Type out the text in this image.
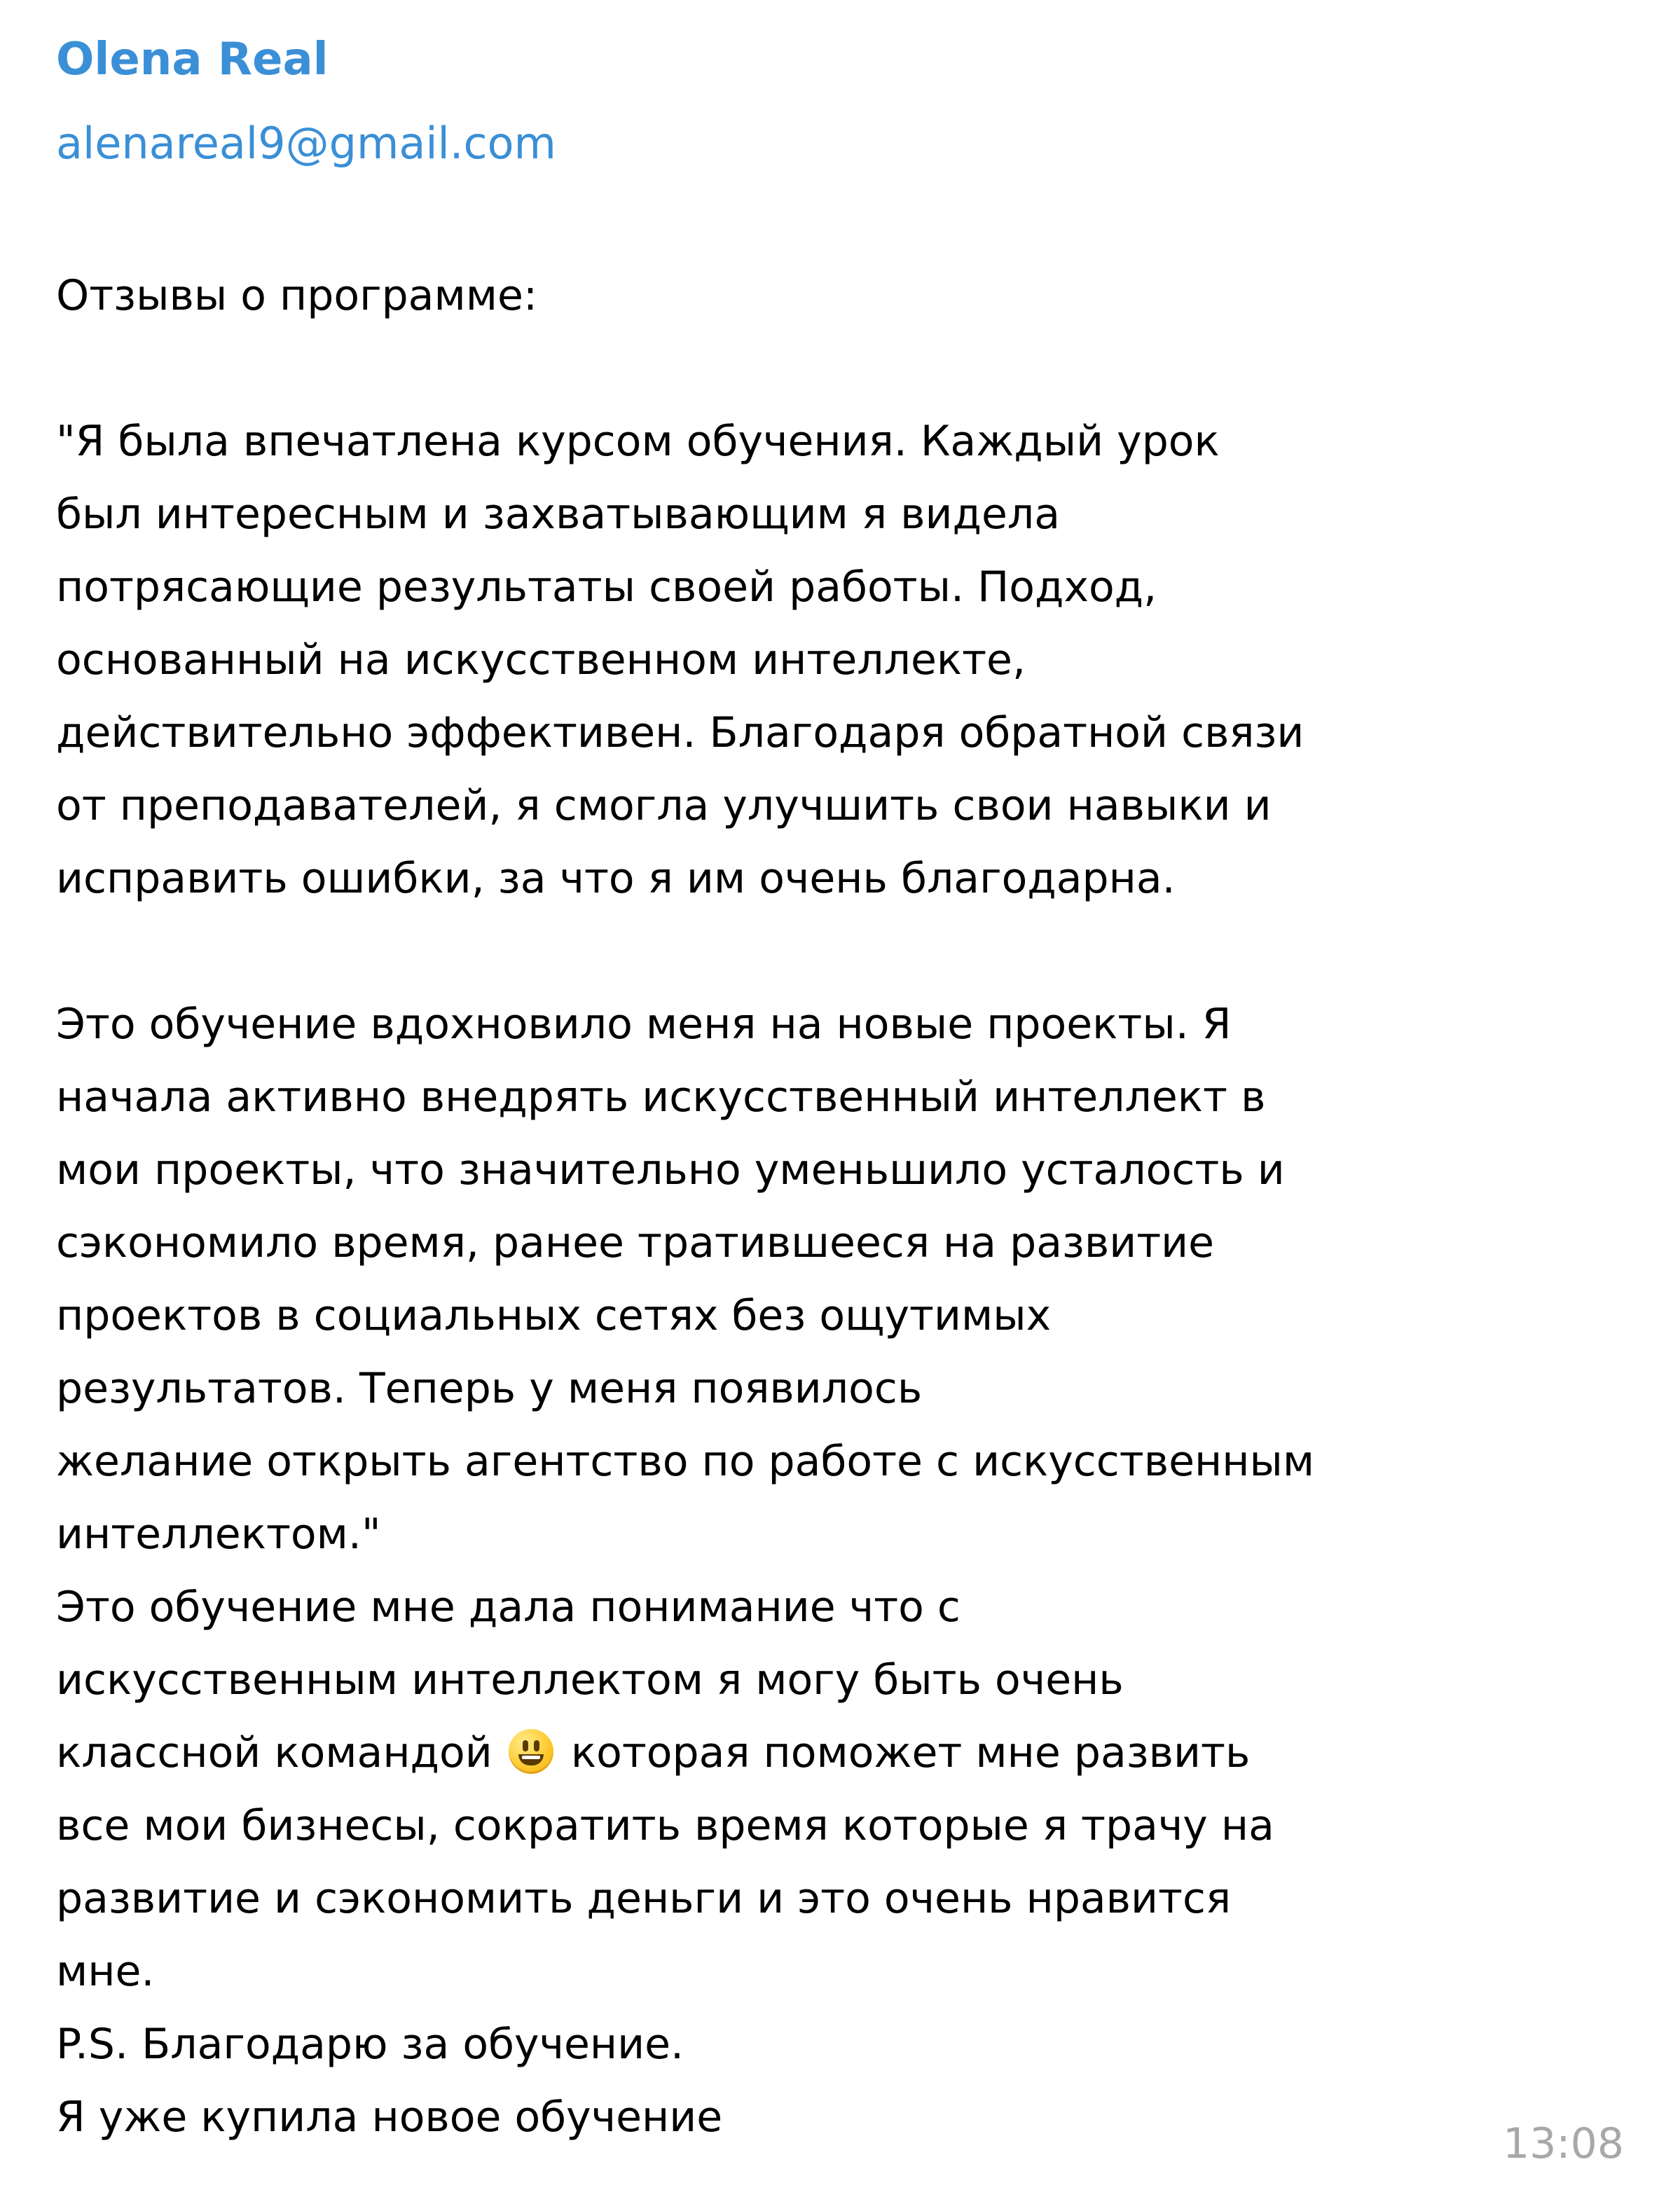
Olena Real
alenareal9@gmail.com
Отзывы о программе:
"Я была впечатлена курсом обучения. Каждый урок
был интересным и захватывающим я видела
потрясающие результаты своей работы. Подход,
основанный на искусственном интеллекте,
действительно эффективен. Благодаря обратной связи
от преподавателей, я смогла улучшить свои навыки и
исправить ошибки, за что я им очень благодарна.
Это обучение вдохновило меня на новые проекты. Я
начала активно внедрять искусственный интеллект в
мои проекты, что значительно уменьшило усталость и
сэкономило время, ранее тратившееся на развитие
проектов в социальных сетях без ощутимых
результатов. Теперь у меня появилось
желание открыть агентство по работе с искусственным
интеллектом."
Это обучение мне дала понимание что с
искусственным интеллектом я могу быть очень
классной командой
которая поможет мне развить
все мои бизнесы, сократить время которые я трачу на
развитие и сэкономить деньги и это очень нравится
мне.
P.S. Благодарю за обучение.
Я уже купила новое обучение
13:08
